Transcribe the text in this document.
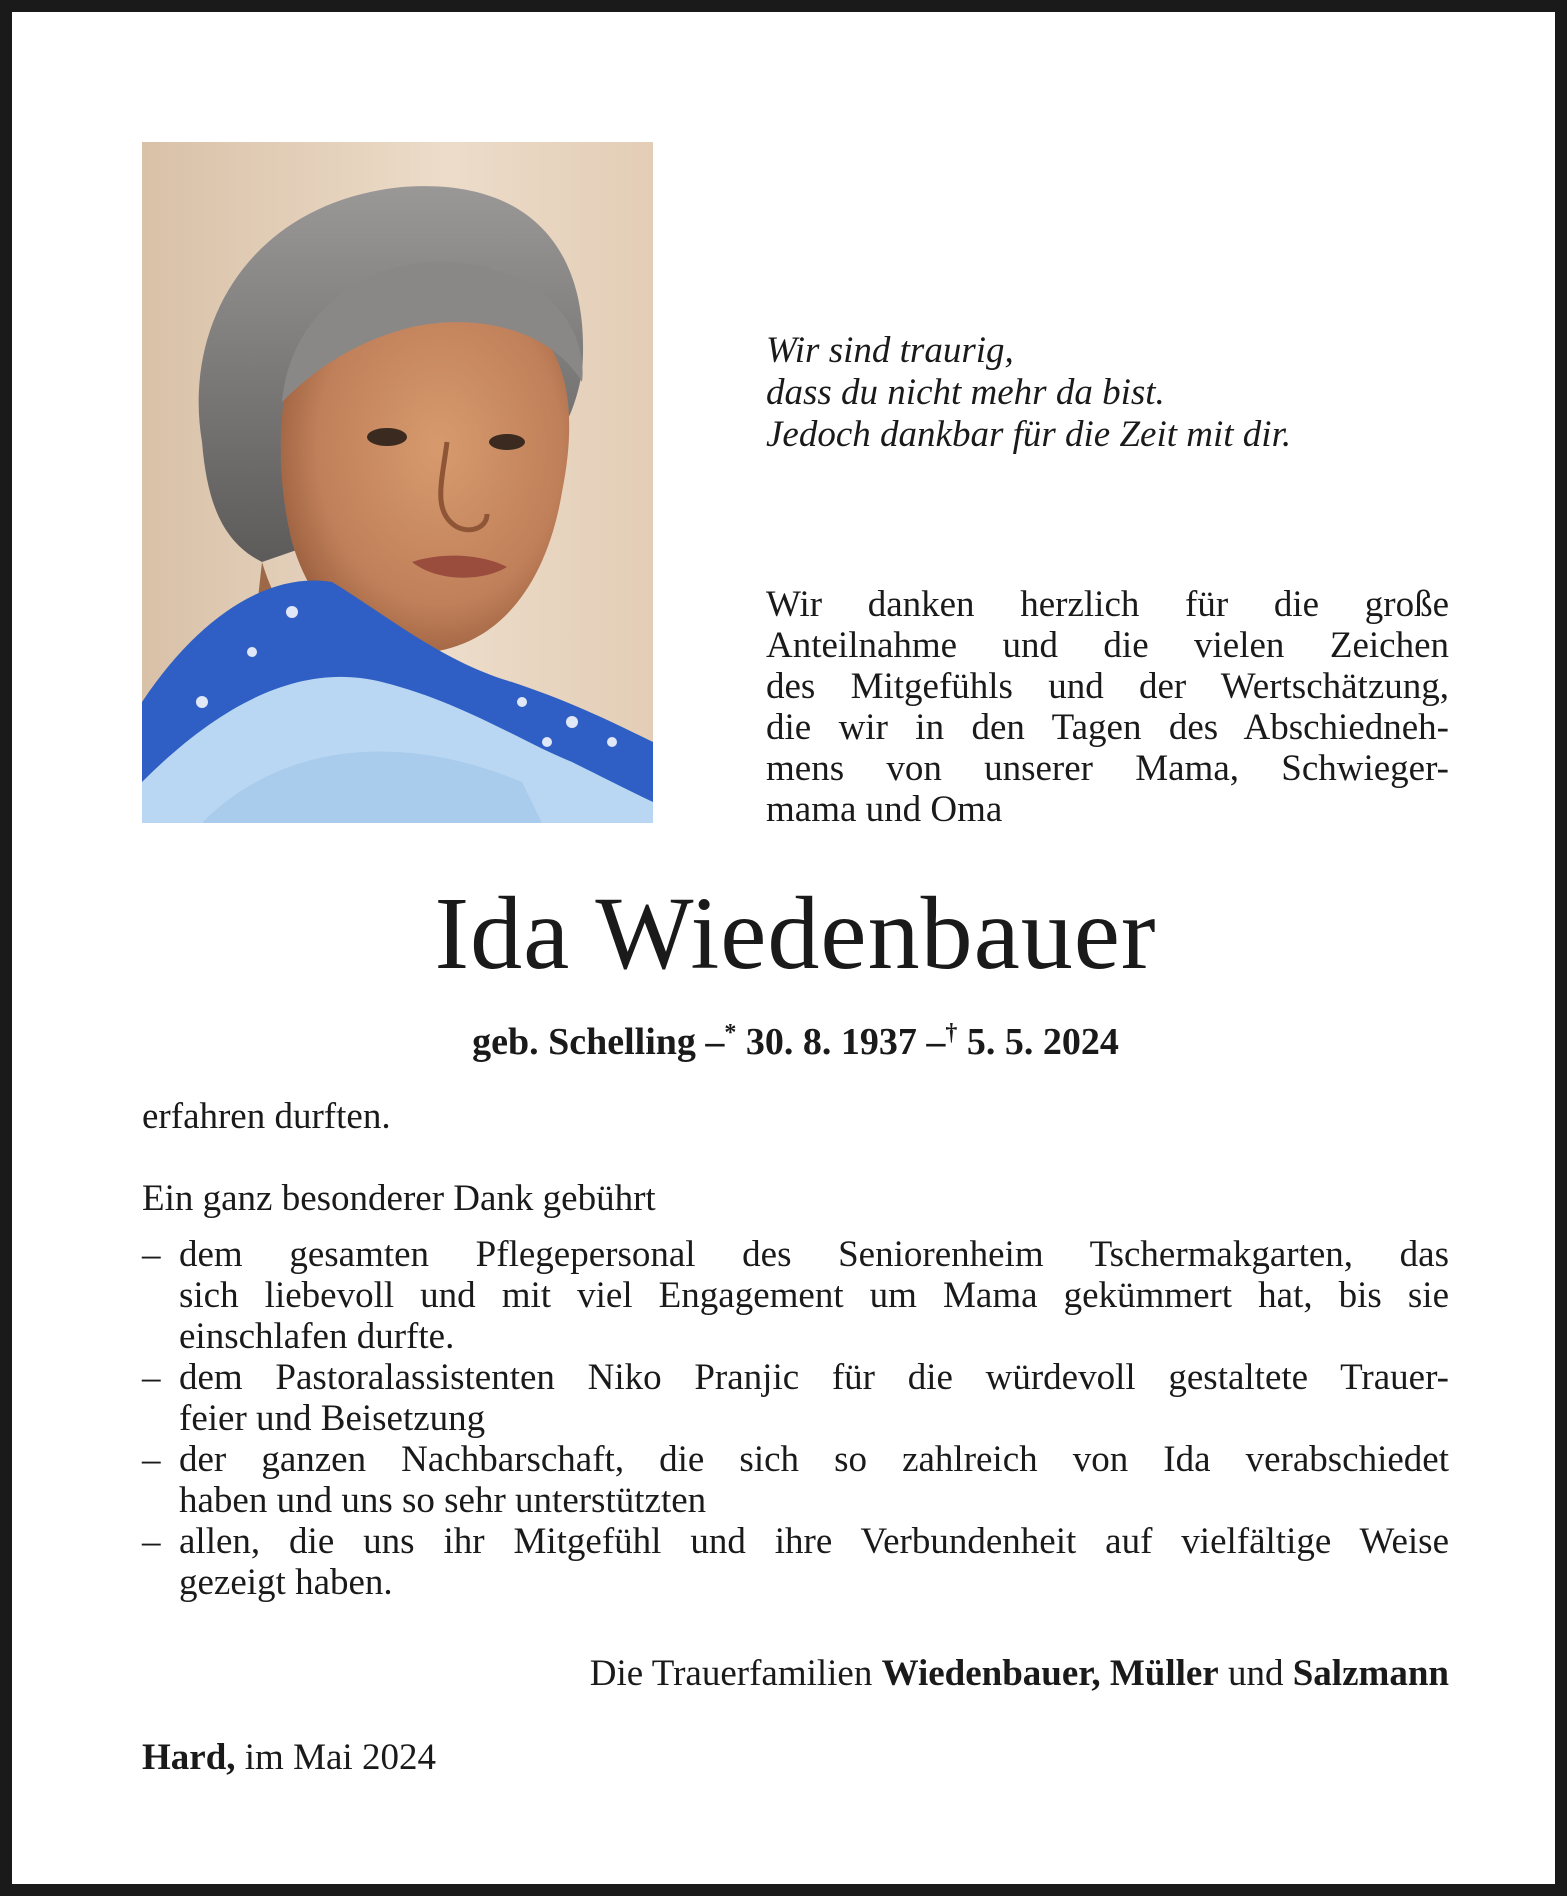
Wir sind traurig,
dass du nicht mehr da bist.
Jedoch dankbar für die Zeit mit dir.
Wir danken herzlich für die große
Anteilnahme und die vielen Zeichen
des Mitgefühls und der Wertschätzung,
die wir in den Tagen des Abschiedneh-
mens von unserer Mama, Schwieger-
mama und Oma
Ida Wiedenbauer
geb. Schelling –* 30. 8. 1937 –† 5. 5. 2024
erfahren durften.
Ein ganz besonderer Dank gebührt
– dem gesamten Pflegepersonal des Seniorenheim Tschermakgarten, das
sich liebevoll und mit viel Engagement um Mama gekümmert hat, bis sie
einschlafen durfte.
– dem Pastoralassistenten Niko Pranjic für die würdevoll gestaltete Trauer-
feier und Beisetzung
– der ganzen Nachbarschaft, die sich so zahlreich von Ida verabschiedet
haben und uns so sehr unterstützten
– allen, die uns ihr Mitgefühl und ihre Verbundenheit auf vielfältige Weise
gezeigt haben.
Die Trauerfamilien Wiedenbauer, Müller und Salzmann
Hard, im Mai 2024
